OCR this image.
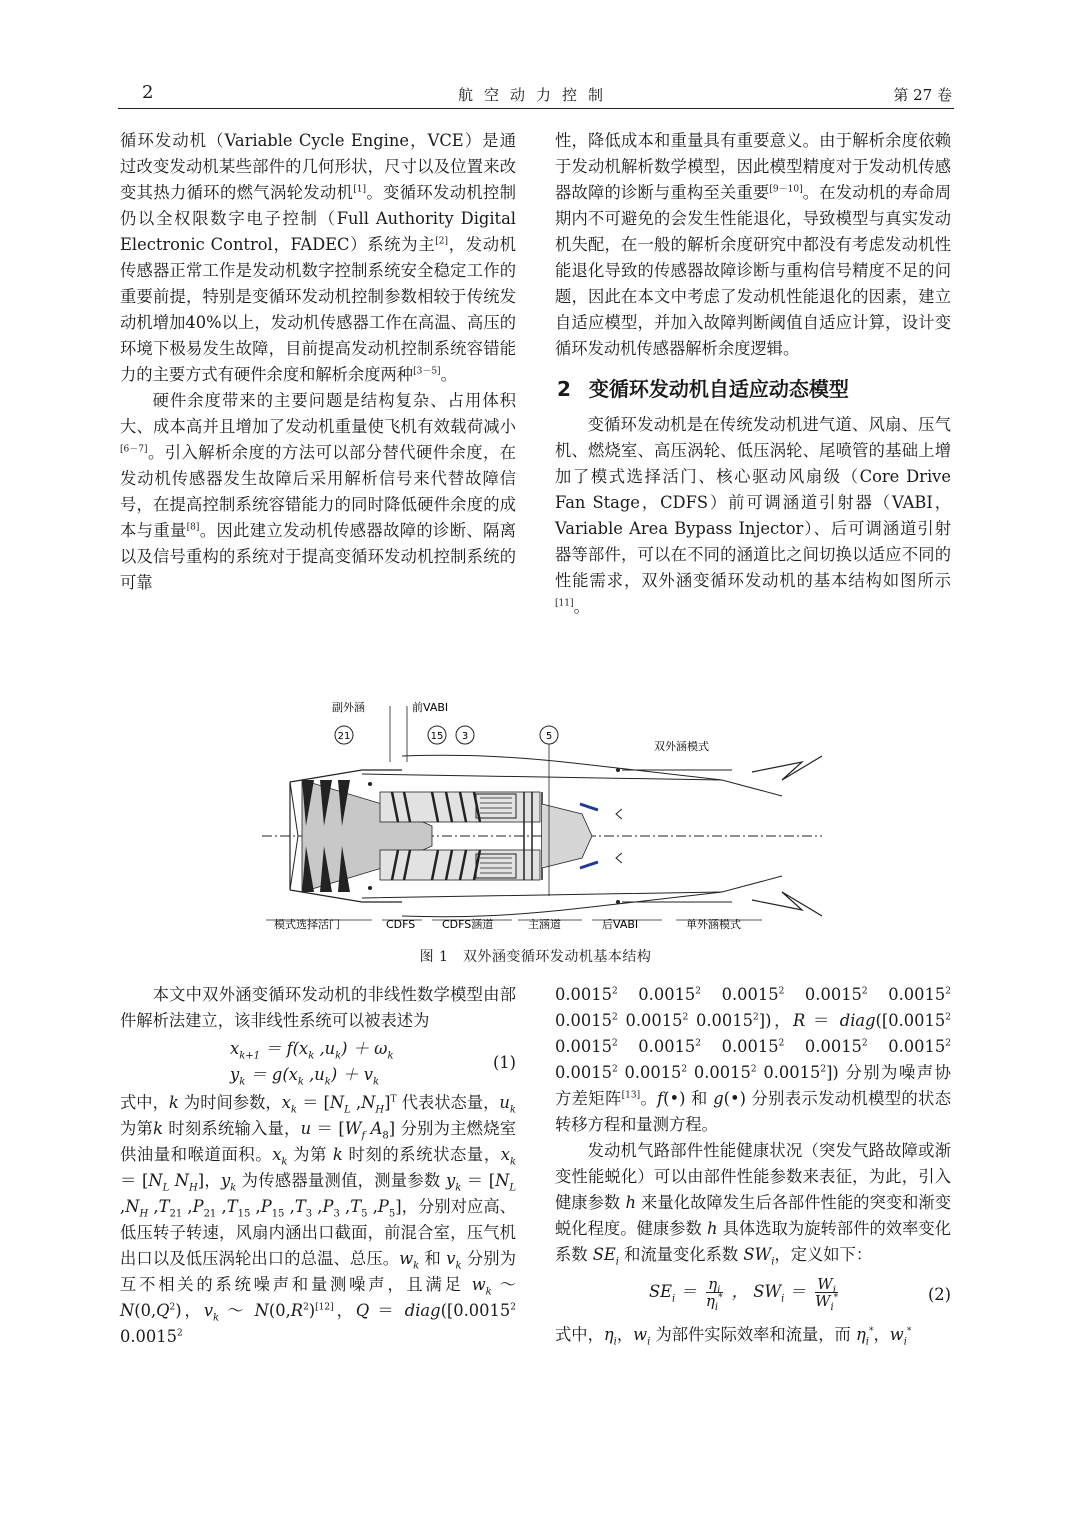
2	航空动力控制	第 27 卷

循环发动机（Variable Cycle Engine，VCE）是通过改变发动机某些部件的几何形状，尺寸以及位置来改变其热力循环的燃气涡轮发动机[1]。变循环发动机控制仍以全权限数字电子控制（Full Authority Digital Electronic Control，FADEC）系统为主[2]，发动机传感器正常工作是发动机数字控制系统安全稳定工作的重要前提，特别是变循环发动机控制参数相较于传统发动机增加40%以上，发动机传感器工作在高温、高压的环境下极易发生故障，目前提高发动机控制系统容错能力的主要方式有硬件余度和解析余度两种[3－5]。

硬件余度带来的主要问题是结构复杂、占用体积大、成本高并且增加了发动机重量使飞机有效载荷减小[6－7]。引入解析余度的方法可以部分替代硬件余度，在发动机传感器发生故障后采用解析信号来代替故障信号，在提高控制系统容错能力的同时降低硬件余度的成本与重量[8]。因此建立发动机传感器故障的诊断、隔离以及信号重构的系统对于提高变循环发动机控制系统的可靠

性，降低成本和重量具有重要意义。由于解析余度依赖于发动机解析数学模型，因此模型精度对于发动机传感器故障的诊断与重构至关重要[9－10]。在发动机的寿命周期内不可避免的会发生性能退化，导致模型与真实发动机失配，在一般的解析余度研究中都没有考虑发动机性能退化导致的传感器故障诊断与重构信号精度不足的问题，因此在本文中考虑了发动机性能退化的因素，建立自适应模型，并加入故障判断阈值自适应计算，设计变循环发动机传感器解析余度逻辑。

2 变循环发动机自适应动态模型

变循环发动机是在传统发动机进气道、风扇、压气机、燃烧室、高压涡轮、低压涡轮、尾喷管的基础上增加了模式选择活门、核心驱动风扇级（Core Drive Fan Stage，CDFS）前可调涵道引射器（VABI，Variable Area Bypass Injector）、后可调涵道引射器等部件，可以在不同的涵道比之间切换以适应不同的性能需求，双外涵变循环发动机的基本结构如图所示[11]。

副外涵	前VABI
21	15 3	5
双外涵模式
模式选择活门	CDFS CDFS涵道	主涵道	后VABI	单外涵模式
图 1　双外涵变循环发动机基本结构

本文中双外涵变循环发动机的非线性数学模型由部件解析法建立，该非线性系统可以被表述为

$x_{k+1} = f(x_k$ $,u_k) + \omega_k$
$y_k = g(x_k$ $,u_k) + v_k$
(1)

式中，k 为时间参数，$x_k = [N_L$ $,N_H]^T$ 代表状态量，$u_k$ 为第k 时刻系统输入量，$u = [W_f$ $A_8$] 分别为主燃烧室供油量和喉道面积。$x_k$ 为第 k 时刻的系统状态量，$x_k = [N_L$ $N_H$]，$y_k$ 为传感器量测值，测量参数 $y_k = [N_L$ $,N_H$ $,T_{21}$ $,P_{21}$ $,T_{15}$ $,P_{15}$ $,T_3$ $,P_3$ $,T_5$ $,P_5$]，分别对应高、低压转子转速，风扇内涵出口截面，前混合室，压气机出口以及低压涡轮出口的总温、总压。$w_k$ 和 $v_k$ 分别为互不相关的系统噪声和量测噪声，且满足 $w_k$ ～ $N(0,Q^2)$，$v_k$ ～ $N(0,R^2)[12]$，$Q = diag([0.0015^2$ 0.0015$^2$

0.0015$^2$ 0.0015$^2$ 0.0015$^2$ 0.0015$^2$ 0.0015$^2$ 0.0015$^2$ 0.0015$^2$ 0.0015$^2$])，$R = diag([0.0015^2$ 0.0015$^2$ 0.0015$^2$ 0.0015$^2$ 0.0015$^2$ 0.0015$^2$ 0.0015$^2$ 0.0015$^2$ 0.0015$^2$ 0.0015$^2$]) 分别为噪声协方差矩阵[13]。f(•) 和 g(•) 分别表示发动机模型的状态转移方程和量测方程。

发动机气路部件性能健康状况（突发气路故障或渐变性能蜕化）可以由部件性能参数来表征，为此，引入健康参数 h 来量化故障发生后各部件性能的突变和渐变蜕化程度。健康参数 h 具体选取为旋转部件的效率变化系数 $SE_i$ 和流量变化系数 $SW_i$，定义如下：

$SE_i = \frac{\eta_i}{\eta_i^*}$ ， $SW_i = \frac{W_i}{W_i^*}$	(2)

式中，$\eta_i$，$w_i$ 为部件实际效率和流量，而 $\eta_i^*$，$w_i^*$
